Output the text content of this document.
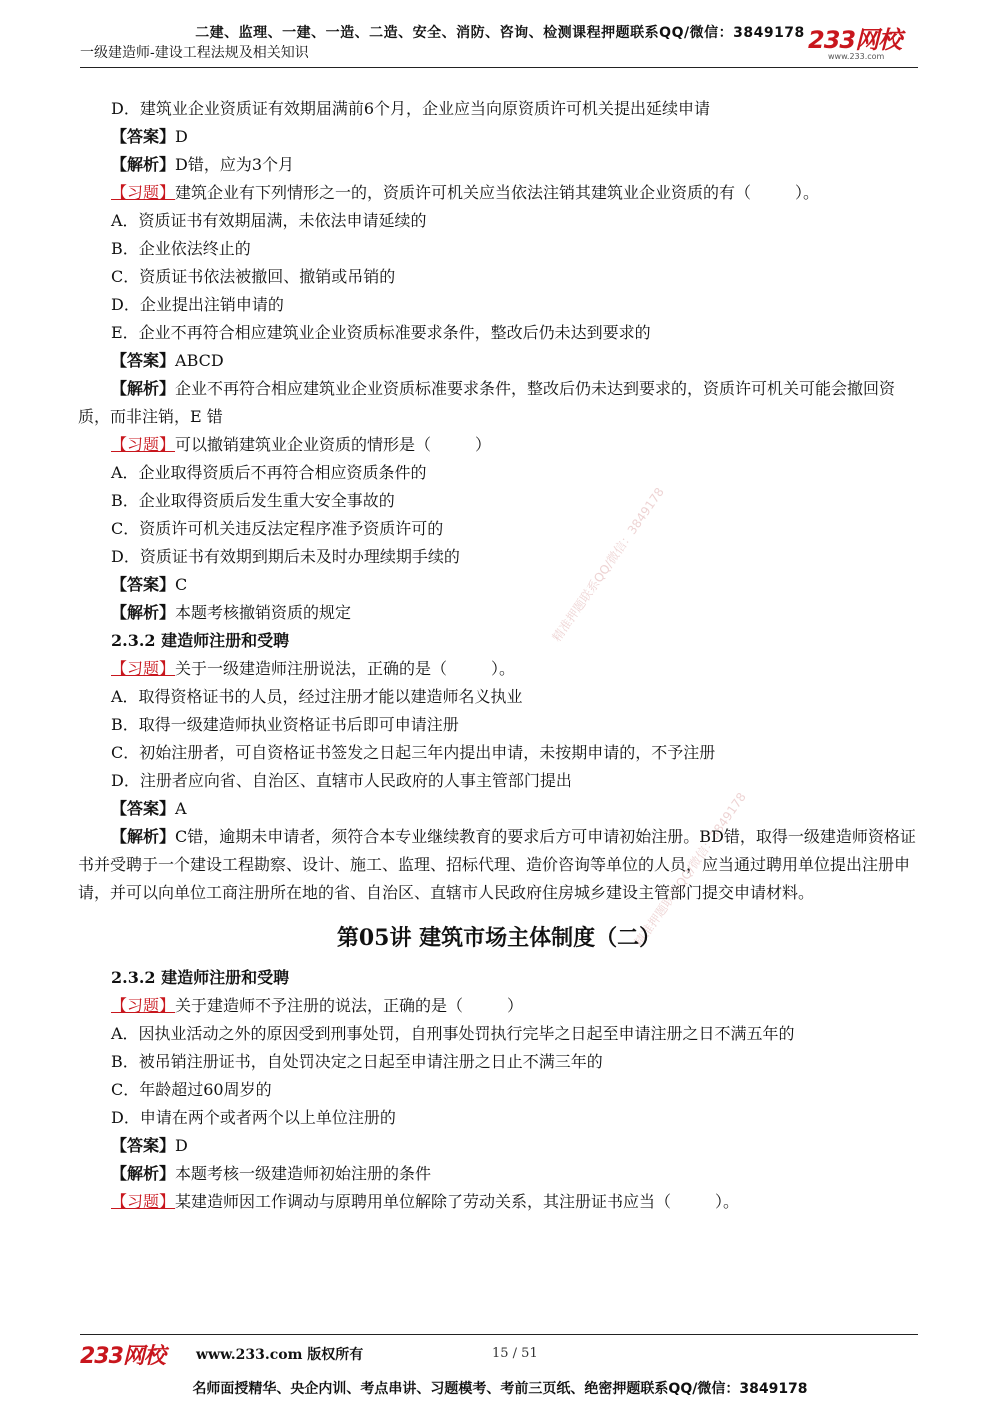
二建、监理、一建、一造、二造、安全、消防、咨询、检测课程押题联系QQ/微信：3849178
一级建造师-建设工程法规及相关知识	233网校
www.233.com
精准押题联系QQ/微信：3849178
精准押题联系QQ/微信：3849178
D．建筑业企业资质证有效期届满前6个月，企业应当向原资质许可机关提出延续申请
【答案】D
【解析】D错，应为3个月
【习题】建筑企业有下列情形之一的，资质许可机关应当依法注销其建筑业企业资质的有（	）。
A．资质证书有效期届满，未依法申请延续的
B．企业依法终止的
C．资质证书依法被撤回、撤销或吊销的
D．企业提出注销申请的
E．企业不再符合相应建筑业企业资质标准要求条件，整改后仍未达到要求的
【答案】ABCD
【解析】企业不再符合相应建筑业企业资质标准要求条件，整改后仍未达到要求的，资质许可机关可能会撤回资质，而非注销，E 错
【习题】可以撤销建筑业企业资质的情形是（	）
A．企业取得资质后不再符合相应资质条件的
B．企业取得资质后发生重大安全事故的
C．资质许可机关违反法定程序准予资质许可的
D．资质证书有效期到期后未及时办理续期手续的
【答案】C
【解析】本题考核撤销资质的规定
2.3.2 建造师注册和受聘
【习题】关于一级建造师注册说法，正确的是（	）。
A．取得资格证书的人员，经过注册才能以建造师名义执业
B．取得一级建造师执业资格证书后即可申请注册
C．初始注册者，可自资格证书签发之日起三年内提出申请，未按期申请的，不予注册
D．注册者应向省、自治区、直辖市人民政府的人事主管部门提出
【答案】A
【解析】C错，逾期未申请者，须符合本专业继续教育的要求后方可申请初始注册。BD错，取得一级建造师资格证书并受聘于一个建设工程勘察、设计、施工、监理、招标代理、造价咨询等单位的人员，应当通过聘用单位提出注册申请，并可以向单位工商注册所在地的省、自治区、直辖市人民政府住房城乡建设主管部门提交申请材料。
第05讲 建筑市场主体制度（二）
2.3.2 建造师注册和受聘
【习题】关于建造师不予注册的说法，正确的是（	）
A．因执业活动之外的原因受到刑事处罚，自刑事处罚执行完毕之日起至申请注册之日不满五年的
B．被吊销注册证书，自处罚决定之日起至申请注册之日止不满三年的
C．年龄超过60周岁的
D．申请在两个或者两个以上单位注册的
【答案】D
【解析】本题考核一级建造师初始注册的条件
【习题】某建造师因工作调动与原聘用单位解除了劳动关系，其注册证书应当（	）。
233网校 www.233.com 版权所有	15 / 51
名师面授精华、央企内训、考点串讲、习题模考、考前三页纸、绝密押题联系QQ/微信：3849178
